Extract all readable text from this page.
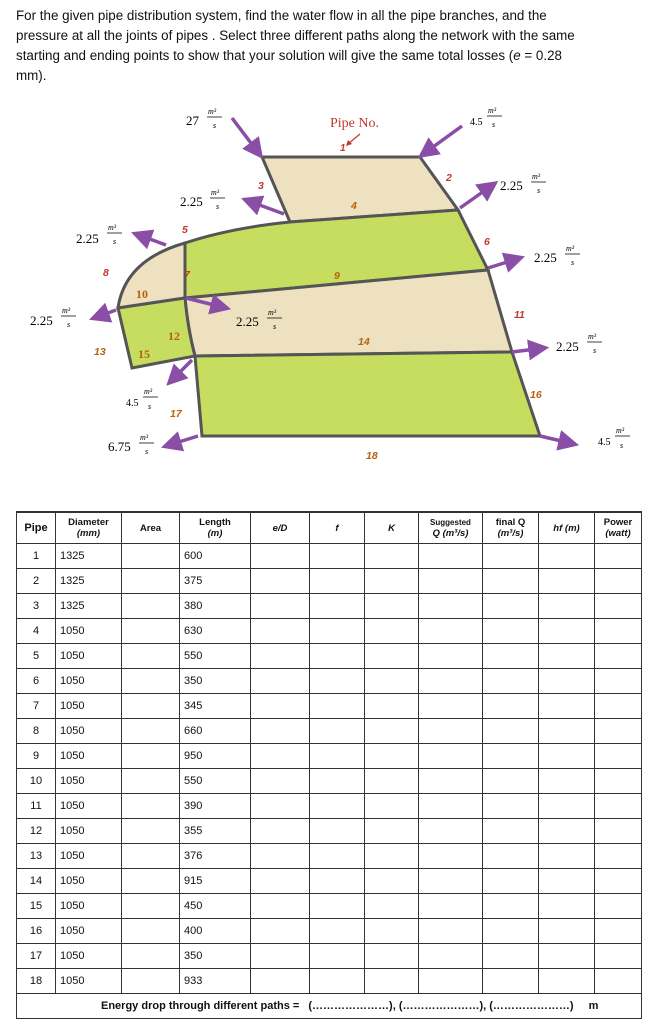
For the given pipe distribution system, find the water flow in all the pipe branches, and the

pressure at all the joints of pipes . Select three different paths along the network with the same

starting and ending points to show that your solution will give the same total losses (e = 0.28

mm).

Pipe No.
1
2
3
4
5
6
7
8	9
10
11
12
13
14
15
16
17
18
27
m³
s	4.5
m³
s
2.25
m³
s
2.25
m³
s
2.25
m³
s
2.25
m³
s
2.25
m³
s	2.25
m³
s
2.25
m³
s
4.5
m³
s
6.75
m³
s
4.5
m³
s
Pipe	Diameter
(mm)	Area	Length
(m)	e/D	f	K	Suggested
Q (m³/s)	final Q
(m³/s)	hf (m)	Power
(watt)
1	1325		600							
2	1325		375							
3	1325		380							
4	1050		630							
5	1050		550							
6	1050		350							
7	1050		345							
8	1050		660							
9	1050		950							
10	1050		550							
11	1050		390							
12	1050		355							
13	1050		376							
14	1050		915							
15	1050		450							
16	1050		400							
17	1050		350							
18	1050		933							
Energy drop through different paths = (…………………), (…………………), (…………………) m										
